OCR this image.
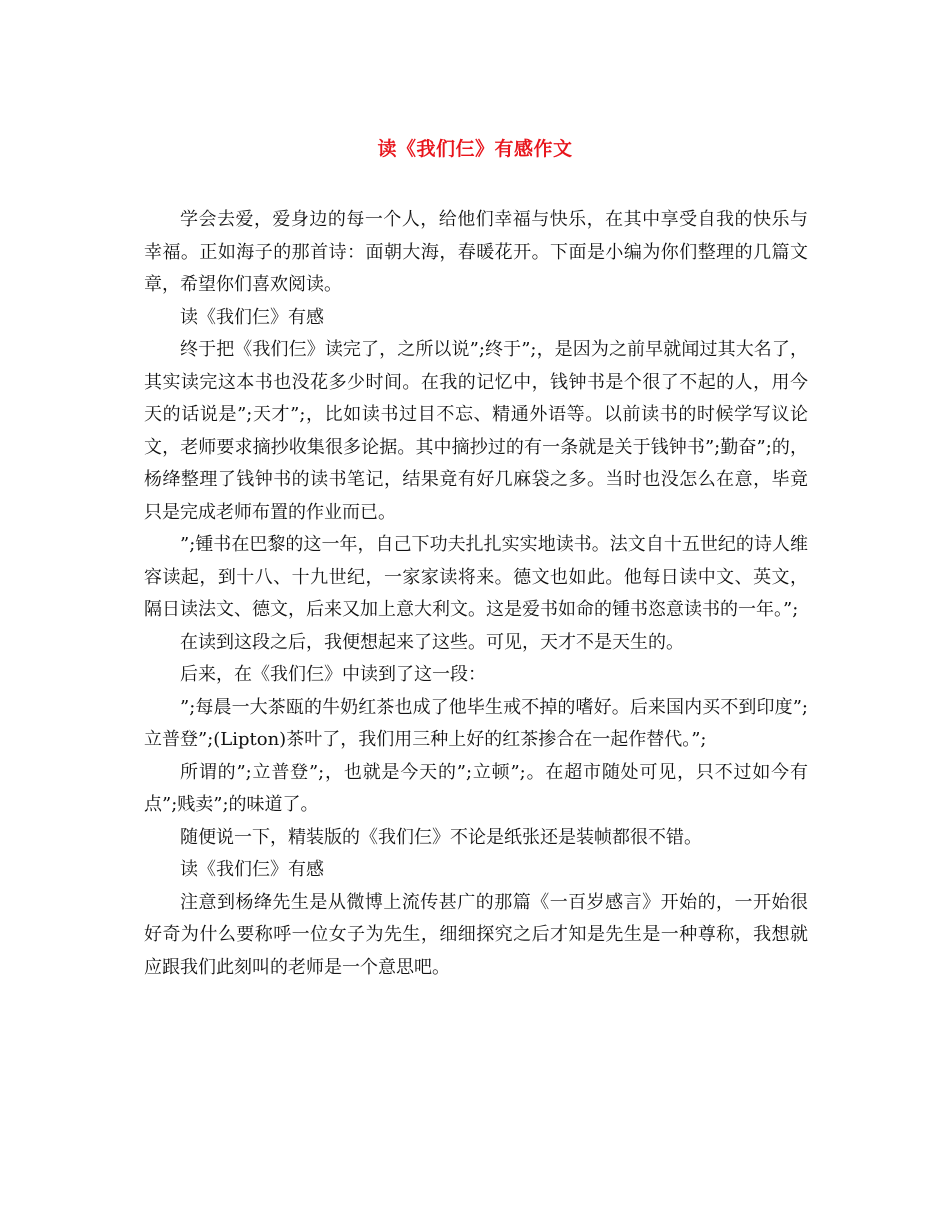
读《我们仨》有感作文

学会去爱，爱身边的每一个人，给他们幸福与快乐，在其中享受自我的快乐与幸福。正如海子的那首诗：面朝大海，春暖花开。下面是小编为你们整理的几篇文章，希望你们喜欢阅读。

读《我们仨》有感

终于把《我们仨》读完了，之所以说”;终于”;，是因为之前早就闻过其大名了，其实读完这本书也没花多少时间。在我的记忆中，钱钟书是个很了不起的人，用今天的话说是”;天才”;，比如读书过目不忘、精通外语等。以前读书的时候学写议论文，老师要求摘抄收集很多论据。其中摘抄过的有一条就是关于钱钟书”;勤奋”;的，杨绛整理了钱钟书的读书笔记，结果竟有好几麻袋之多。当时也没怎么在意，毕竟只是完成老师布置的作业而已。

”;锺书在巴黎的这一年，自己下功夫扎扎实实地读书。法文自十五世纪的诗人维容读起，到十八、十九世纪，一家家读将来。德文也如此。他每日读中文、英文，隔日读法文、德文，后来又加上意大利文。这是爱书如命的锺书恣意读书的一年。”;

在读到这段之后，我便想起来了这些。可见，天才不是天生的。

后来，在《我们仨》中读到了这一段：

”;每晨一大茶瓯的牛奶红茶也成了他毕生戒不掉的嗜好。后来国内买不到印度”;立普登”;(Lipton)茶叶了，我们用三种上好的红茶掺合在一起作替代。”;

所谓的”;立普登”;，也就是今天的”;立顿”;。在超市随处可见，只不过如今有点”;贱卖”;的味道了。

随便说一下，精装版的《我们仨》不论是纸张还是装帧都很不错。

读《我们仨》有感

注意到杨绛先生是从微博上流传甚广的那篇《一百岁感言》开始的，一开始很好奇为什么要称呼一位女子为先生，细细探究之后才知是先生是一种尊称，我想就应跟我们此刻叫的老师是一个意思吧。
